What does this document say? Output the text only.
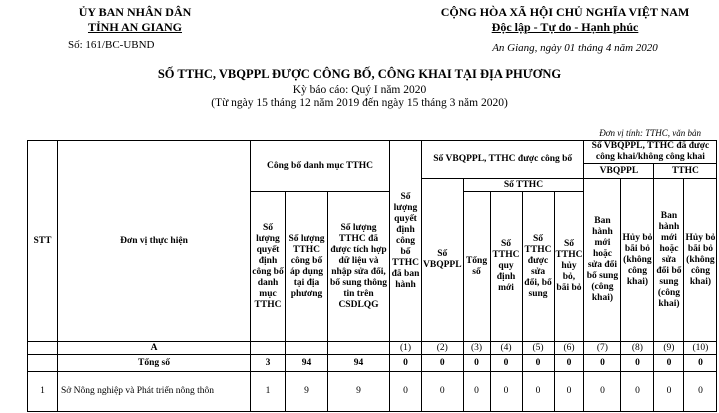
ỦY BAN NHÂN DÂN
TỈNH AN GIANG
Số: 161/BC-UBND
CỘNG HÒA XÃ HỘI CHỦ NGHĨA VIỆT NAM
Độc lập - Tự do - Hạnh phúc
An Giang, ngày 01 tháng 4 năm 2020
SỐ TTHC, VBQPPL ĐƯỢC CÔNG BỐ, CÔNG KHAI TẠI ĐỊA PHƯƠNG
Kỳ báo cáo: Quý I năm 2020
(Từ ngày 15 tháng 12 năm 2019 đến ngày 15 tháng 3 năm 2020)
Đơn vị tính: TTHC, văn bản
STT	Đơn vị thực hiện	Công bố danh mục TTHC			Số lượng quyết định công bố TTHC đã ban hành	Số VBQPPL, TTHC được công bố					Số VBQPPL, TTHC đã được công khai/không công khai			
											VBQPPL		TTHC	
						Số VBQPPL	Số TTHC				Ban hành mới hoặc sửa đổi bổ sung (công khai)	Hủy bỏ bãi bỏ (không công khai)	Ban hành mới hoặc sửa đổi bổ sung (công khai)	Hủy bỏ bãi bỏ (không công khai)
		Số lượng quyết định công bố danh mục TTHC	Số lượng TTHC công bố áp dụng tại địa phương	Số lượng TTHC đã được tích hợp dữ liệu và nhập sửa đổi, bổ sung thông tin trên CSDLQG			Tổng số	Số TTHC quy định mới	Số TTHC được sửa đổi, bổ sung	Số TTHC hủy bỏ, bãi bỏ				
	A				(1)	(2)	(3)	(4)	(5)	(6)	(7)	(8)	(9)	(10)
	Tổng số	3	94	94	0	0	0	0	0	0	0	0	0	0
1	Sở Nông nghiệp và Phát triển nông thôn	1	9	9	0	0	0	0	0	0	0	0	0	0
